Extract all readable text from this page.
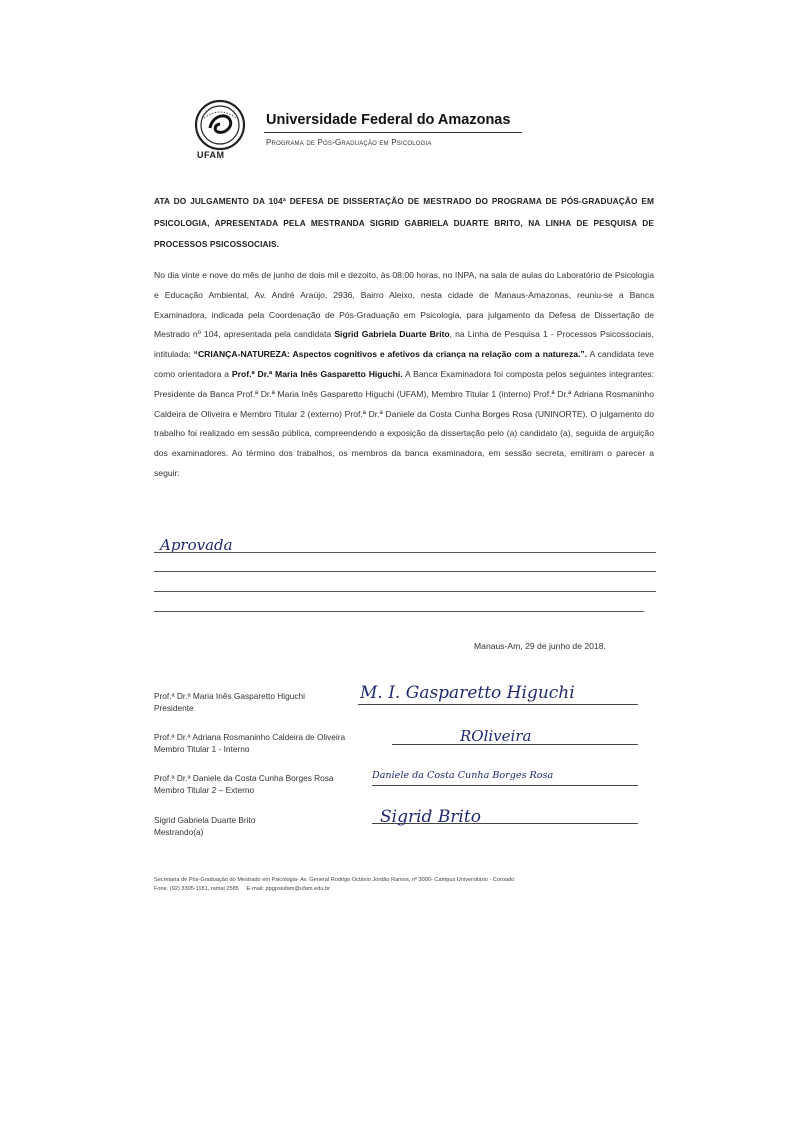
UFAM
Universidade Federal do Amazonas
Programa de Pós-Graduação em Psicologia
ATA DO JULGAMENTO DA 104ª DEFESA DE DISSERTAÇÃO DE MESTRADO DO PROGRAMA DE PÓS-GRADUAÇÃO EM PSICOLOGIA, APRESENTADA PELA MESTRANDA SIGRID GABRIELA DUARTE BRITO, NA LINHA DE PESQUISA DE PROCESSOS PSICOSSOCIAIS.
No dia vinte e nove do mês de junho de dois mil e dezoito, às 08:00 horas, no INPA, na sala de aulas do Laboratório de Psicologia e Educação Ambiental, Av. André Araújo, 2936, Bairro Aleixo, nesta cidade de Manaus-Amazonas, reuniu-se a Banca Examinadora, indicada pela Coordenação de Pós-Graduação em Psicologia, para julgamento da Defesa de Dissertação de Mestrado nº 104, apresentada pela candidata Sigrid Gabriela Duarte Brito, na Linha de Pesquisa 1 - Processos Psicossociais, intitulada: “CRIANÇA-NATUREZA: Aspectos cognitivos e afetivos da criança na relação com a natureza.”. A candidata teve como orientadora a Prof.ª Dr.ª Maria Inês Gasparetto Higuchi. A Banca Examinadora foi composta pelos seguintes integrantes: Presidente da Banca Prof.ª Dr.ª Maria Inês Gasparetto Higuchi (UFAM), Membro Titular 1 (interno) Prof.ª Dr.ª Adriana Rosmaninho Caldeira de Oliveira e Membro Titular 2 (externo) Prof.ª Dr.ª Daniele da Costa Cunha Borges Rosa (UNINORTE). O julgamento do trabalho foi realizado em sessão pública, compreendendo a exposição da dissertação pelo (a) candidato (a), seguida de arguição dos examinadores. Ao término dos trabalhos, os membros da banca examinadora, em sessão secreta, emitiram o parecer a seguir:
Aprovada
Manaus-Am, 29 de junho de 2018.
Prof.ª Dr.ª Maria Inês Gasparetto Higuchi
Presidente
M. I. Gasparetto Higuchi
Prof.ª Dr.ª Adriana Rosmaninho Caldeira de Oliveira
Membro Titular 1 - Interno
ROliveira
Prof.ª Dr.ª Daniele da Costa Cunha Borges Rosa
Membro Titular 2 – Externo
Daniele da Costa Cunha Borges Rosa
Sigrid Gabriela Duarte Brito
Mestrando(a)
Sigrid Brito
Secretaria de Pós-Graduação do Mestrado em Psicologia- Av. General Rodrigo Octávio Jordão Ramos, nº 3000- Campus Universitário - Coroado
Fone. (92) 3305-1181, ramal 2585     E-mail: ppgpsiufam@ufam.edu.br
